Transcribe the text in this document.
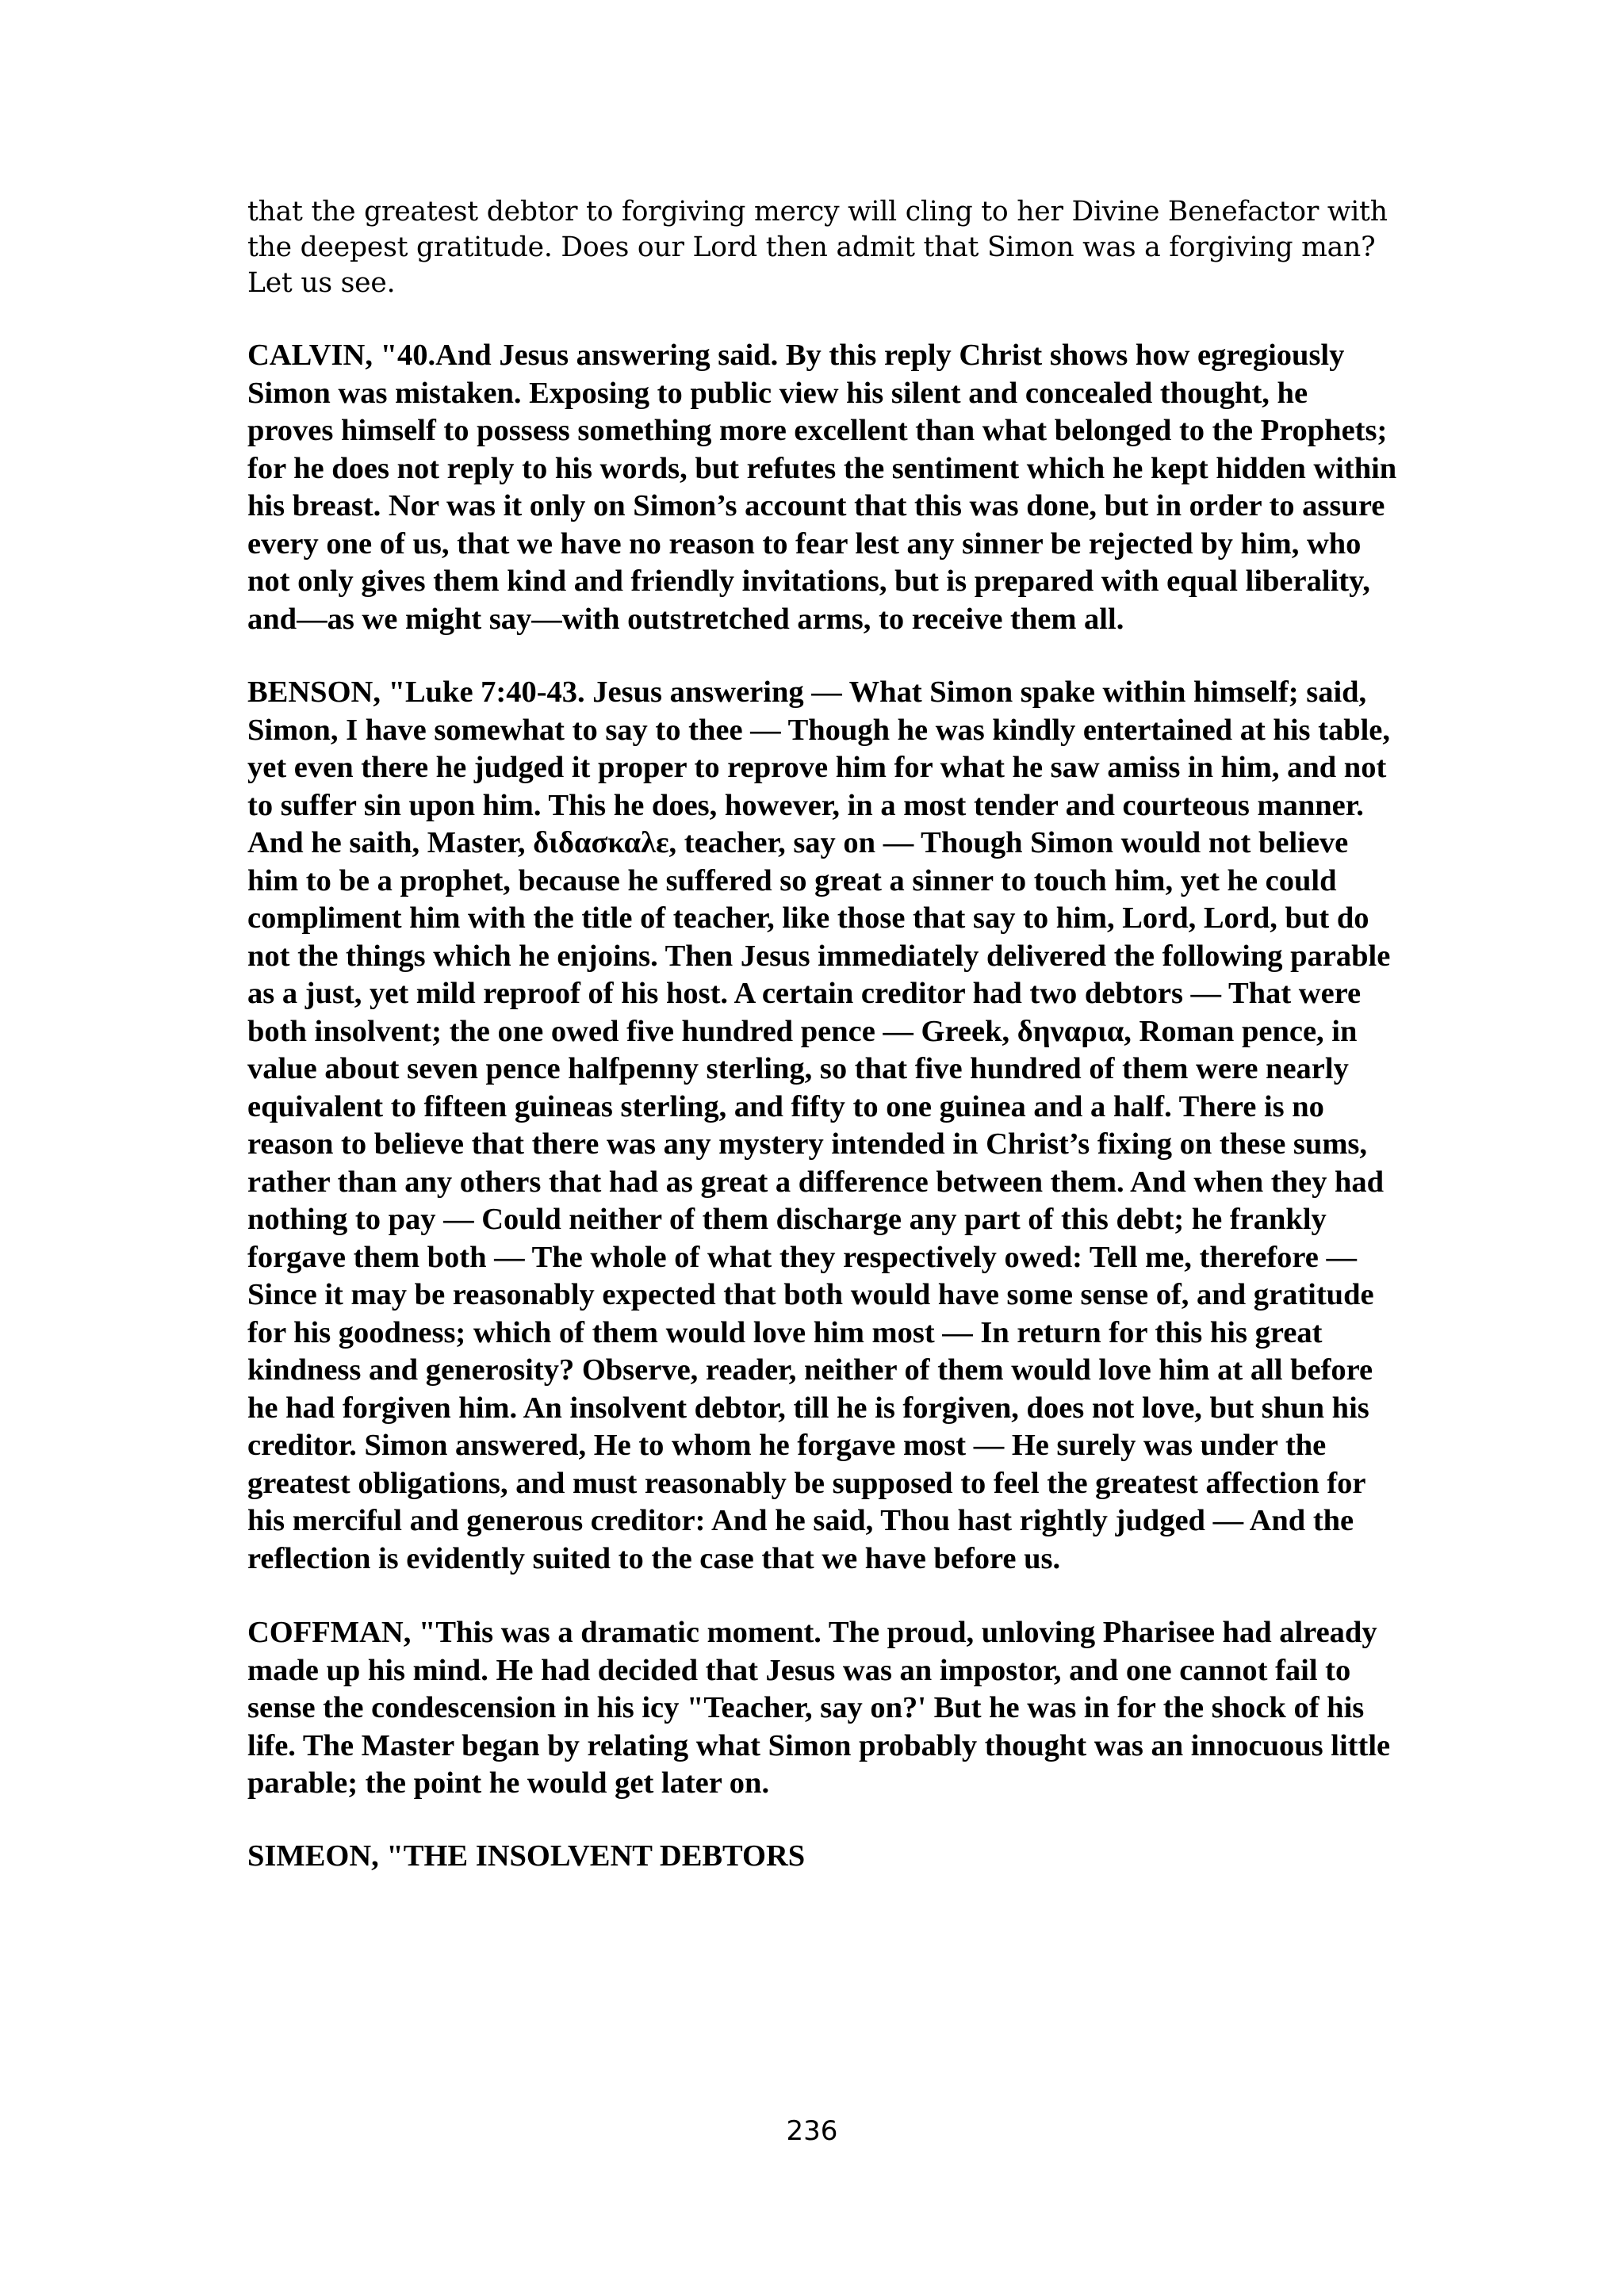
that the greatest debtor to forgiving mercy will cling to her Divine Benefactor with the deepest gratitude. Does our Lord then admit that Simon was a forgiving man? Let us see.

CALVIN, "40.And Jesus answering said. By this reply Christ shows how egregiously Simon was mistaken. Exposing to public view his silent and concealed thought, he proves himself to possess something more excellent than what belonged to the Prophets; for he does not reply to his words, but refutes the sentiment which he kept hidden within his breast. Nor was it only on Simon’s account that this was done, but in order to assure every one of us, that we have no reason to fear lest any sinner be rejected by him, who not only gives them kind and friendly invitations, but is prepared with equal liberality, and—as we might say—with outstretched arms, to receive them all.

BENSON, "Luke 7:40-43. Jesus answering — What Simon spake within himself; said, Simon, I have somewhat to say to thee — Though he was kindly entertained at his table, yet even there he judged it proper to reprove him for what he saw amiss in him, and not to suffer sin upon him. This he does, however, in a most tender and courteous manner. And he saith, Master, διδασκαλε, teacher, say on — Though Simon would not believe him to be a prophet, because he suffered so great a sinner to touch him, yet he could compliment him with the title of teacher, like those that say to him, Lord, Lord, but do not the things which he enjoins. Then Jesus immediately delivered the following parable as a just, yet mild reproof of his host. A certain creditor had two debtors — That were both insolvent; the one owed five hundred pence — Greek, δηναρια, Roman pence, in value about seven pence halfpenny sterling, so that five hundred of them were nearly equivalent to fifteen guineas sterling, and fifty to one guinea and a half. There is no reason to believe that there was any mystery intended in Christ’s fixing on these sums, rather than any others that had as great a difference between them. And when they had nothing to pay — Could neither of them discharge any part of this debt; he frankly forgave them both — The whole of what they respectively owed: Tell me, therefore — Since it may be reasonably expected that both would have some sense of, and gratitude for his goodness; which of them would love him most — In return for this his great kindness and generosity? Observe, reader, neither of them would love him at all before he had forgiven him. An insolvent debtor, till he is forgiven, does not love, but shun his creditor. Simon answered, He to whom he forgave most — He surely was under the greatest obligations, and must reasonably be supposed to feel the greatest affection for his merciful and generous creditor: And he said, Thou hast rightly judged — And the reflection is evidently suited to the case that we have before us.

COFFMAN, "This was a dramatic moment. The proud, unloving Pharisee had already made up his mind. He had decided that Jesus was an impostor, and one cannot fail to sense the condescension in his icy "Teacher, say on?' But he was in for the shock of his life. The Master began by relating what Simon probably thought was an innocuous little parable; the point he would get later on.

SIMEON, "THE INSOLVENT DEBTORS

236
